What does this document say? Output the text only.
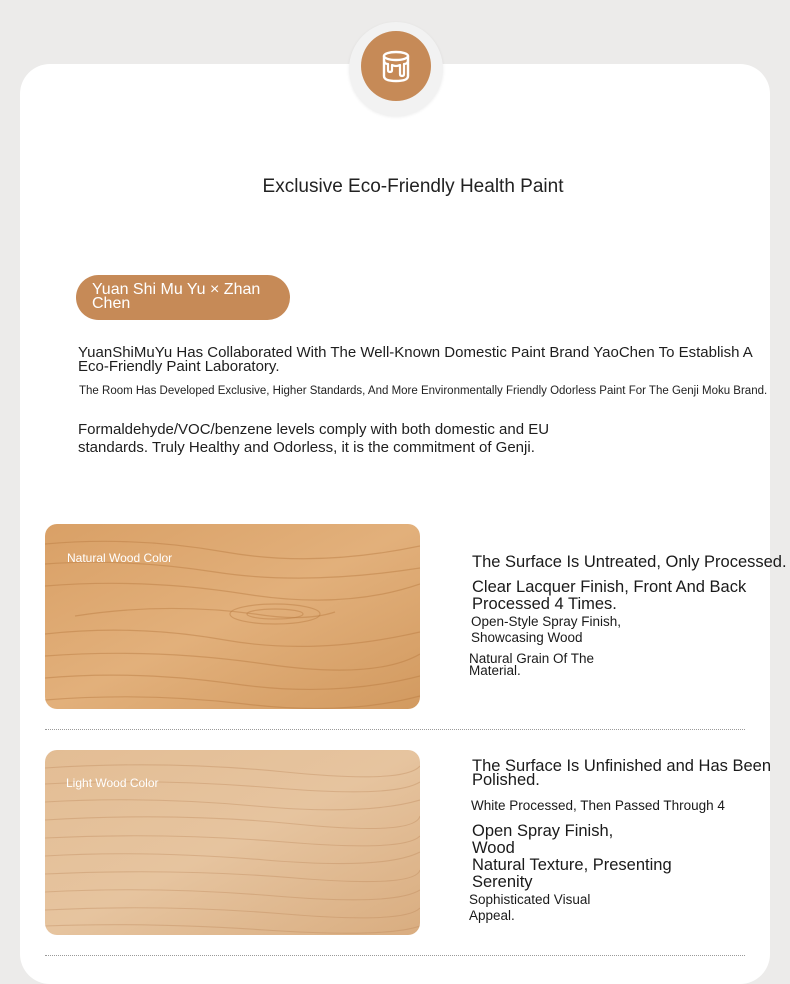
Exclusive Eco-Friendly Health Paint
Yuan Shi Mu Yu × Zhan
Chen
YuanShiMuYu Has Collaborated With The Well-Known Domestic Paint Brand YaoChen To Establish A
Eco-Friendly Paint Laboratory.
The Room Has Developed Exclusive, Higher Standards, And More Environmentally Friendly Odorless Paint For The Genji Moku Brand.
Formaldehyde/VOC/benzene levels comply with both domestic and EU
standards. Truly Healthy and Odorless, it is the commitment of Genji.
Natural Wood Color	The Surface Is Untreated, Only Processed.
Clear Lacquer Finish, Front And Back
Processed 4 Times.
Open-Style Spray Finish,
Showcasing Wood
Natural Grain Of The
Material.
Light Wood Color
The Surface Is Unfinished and Has Been
Polished.
White Processed, Then Passed Through 4
Open Spray Finish,
Wood
Natural Texture, Presenting
Serenity
Sophisticated Visual
Appeal.
